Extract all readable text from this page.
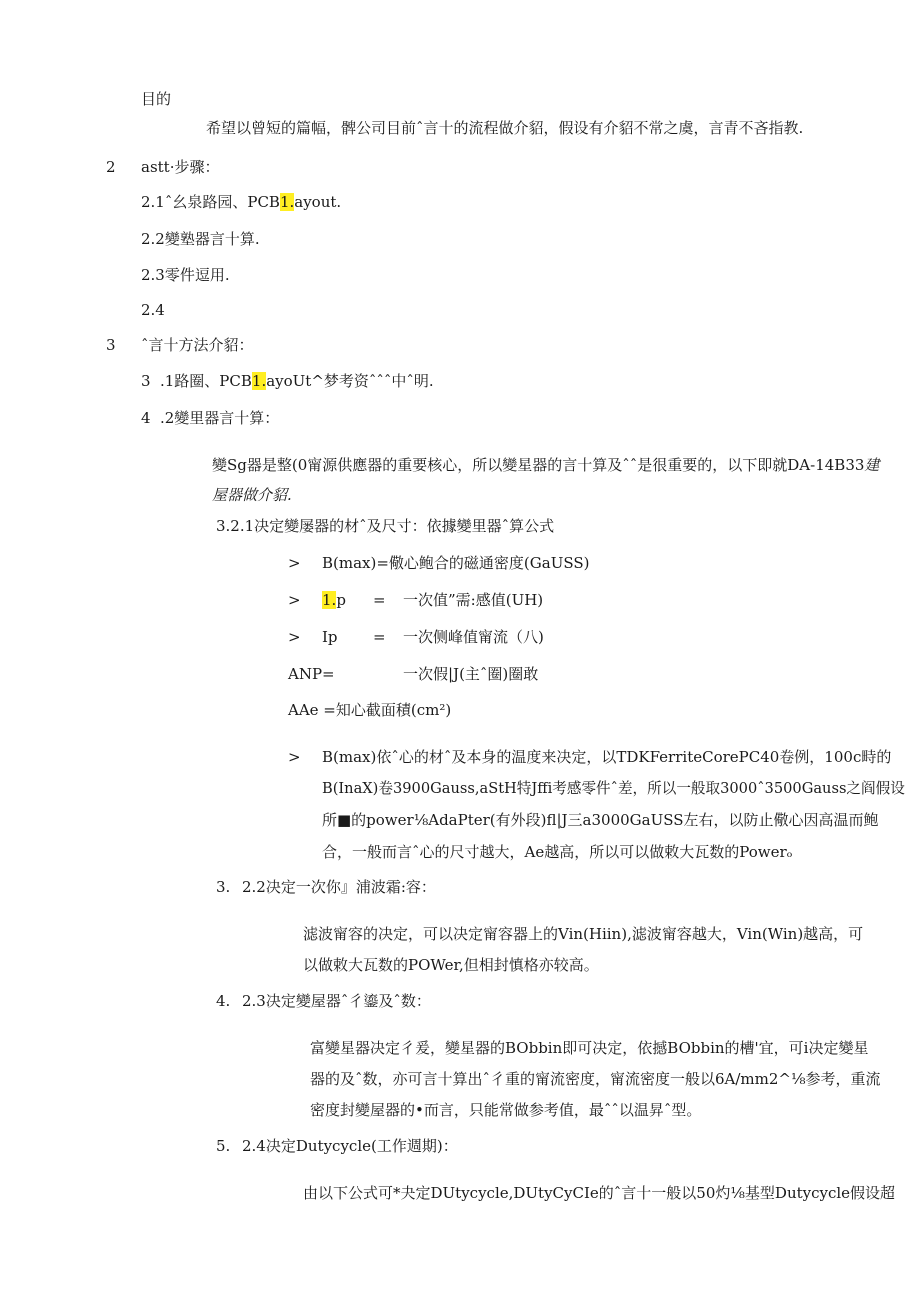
目的
希望以曾短的篇幅，髀公司目前ˆ言十的流程做介貂，假设有介貂不常之虞，言青不吝指教.
2 astt·步骤：
2.1ˆ幺泉路园、PCB1.ayout.
2.2變塾器言十算.
2.3零件逗用.
2.4
3 ˆ言十方法介貂：
3 .1路圈、PCB1.ayoUt^梦考资ˆˆˆ中ˆ明.
4 .2變里器言十算：
變Sg器是整(0甯源供應器的重要核心，所以變星器的言十算及ˆˆ是很重要的，以下即就DA-14B33建
屋器做介貂.
3.2.1决定變屡器的材ˆ及尺寸：依據變里器ˆ算公式
> B(max)=儆心鲍合的磁通密度(GaUSS)
> 1.p = 一次值”需:感值(UH)
> Ip = 一次侧峰值甯流（八)
ANP=	一次假|J(主ˆ圈)圈敢
AAe =知心截面積(cm²)
> B(max)依ˆ心的材ˆ及本身的温度来决定，以TDKFerriteCorePC40卷例，100c畤的
B(InaX)卷3900Gauss,aStH特Jffi考感零件ˆ差，所以一般取3000ˆ3500Gauss之阎假设
所■的power⅛AdaPter(有外段)fl|J三a3000GaUSS左右，以防止儆心因高温而鲍
合，一般而言ˆ心的尺寸越大，Ae越高，所以可以做敕大瓦数的Powerₒ
3. 2.2决定一次你』浦波霜:容：
滤波甯容的决定，可以决定甯容器上的Vin(Hiin),滤波甯容越大，Vin(Win)越高，可
以做敕大瓦数的POWer,但相封慎格亦较高。
4. 2.3决定變屋器ˆ彳鎏及ˆ数：
富變星器决定彳爰，變星器的BObbin即可决定，依撼BObbin的槽'宜，可i决定變星
器的及ˆ数，亦可言十算出ˆ彳重的甯流密度，甯流密度一般以6A/mm2^⅛参考，重流
密度封變屋器的•而言，只能常做参考值，最ˆˆ以温昇ˆ型。
5. 2.4决定Dutycycle(工作週期)：
由以下公式可*夬定DUtycycle,DUtyCyCIe的ˆ言十一般以50灼⅛基型Dutycycle假设超
